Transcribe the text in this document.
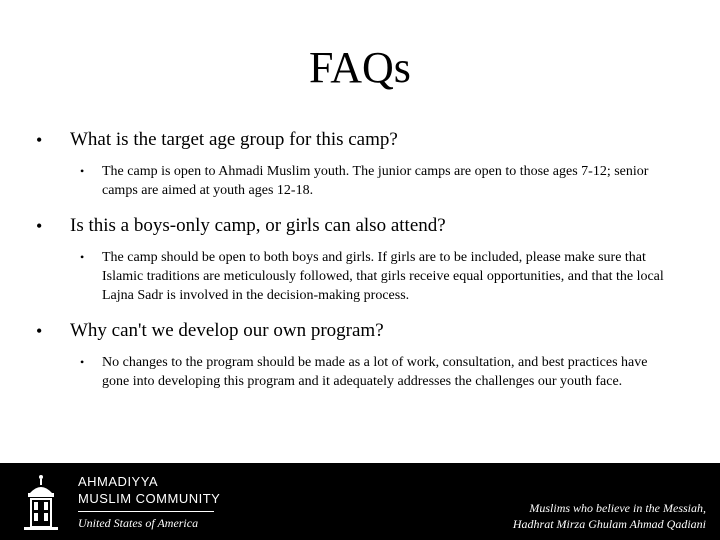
FAQs
• What is the target age group for this camp?
• The camp is open to Ahmadi Muslim youth. The junior camps are open to those ages 7-12; senior camps are aimed at youth ages 12-18.
• Is this a boys-only camp, or girls can also attend?
• The camp should be open to both boys and girls. If girls are to be included, please make sure that Islamic traditions are meticulously followed, that girls receive equal opportunities, and that the local Lajna Sadr is involved in the decision-making process.
• Why can't we develop our own program?
• No changes to the program should be made as a lot of work, consultation, and best practices have gone into developing this program and it adequately addresses the challenges our youth face.
AHMADIYYA
MUSLIM COMMUNITY
United States of America
Muslims who believe in the Messiah,
Hadhrat Mirza Ghulam Ahmad Qadiani
